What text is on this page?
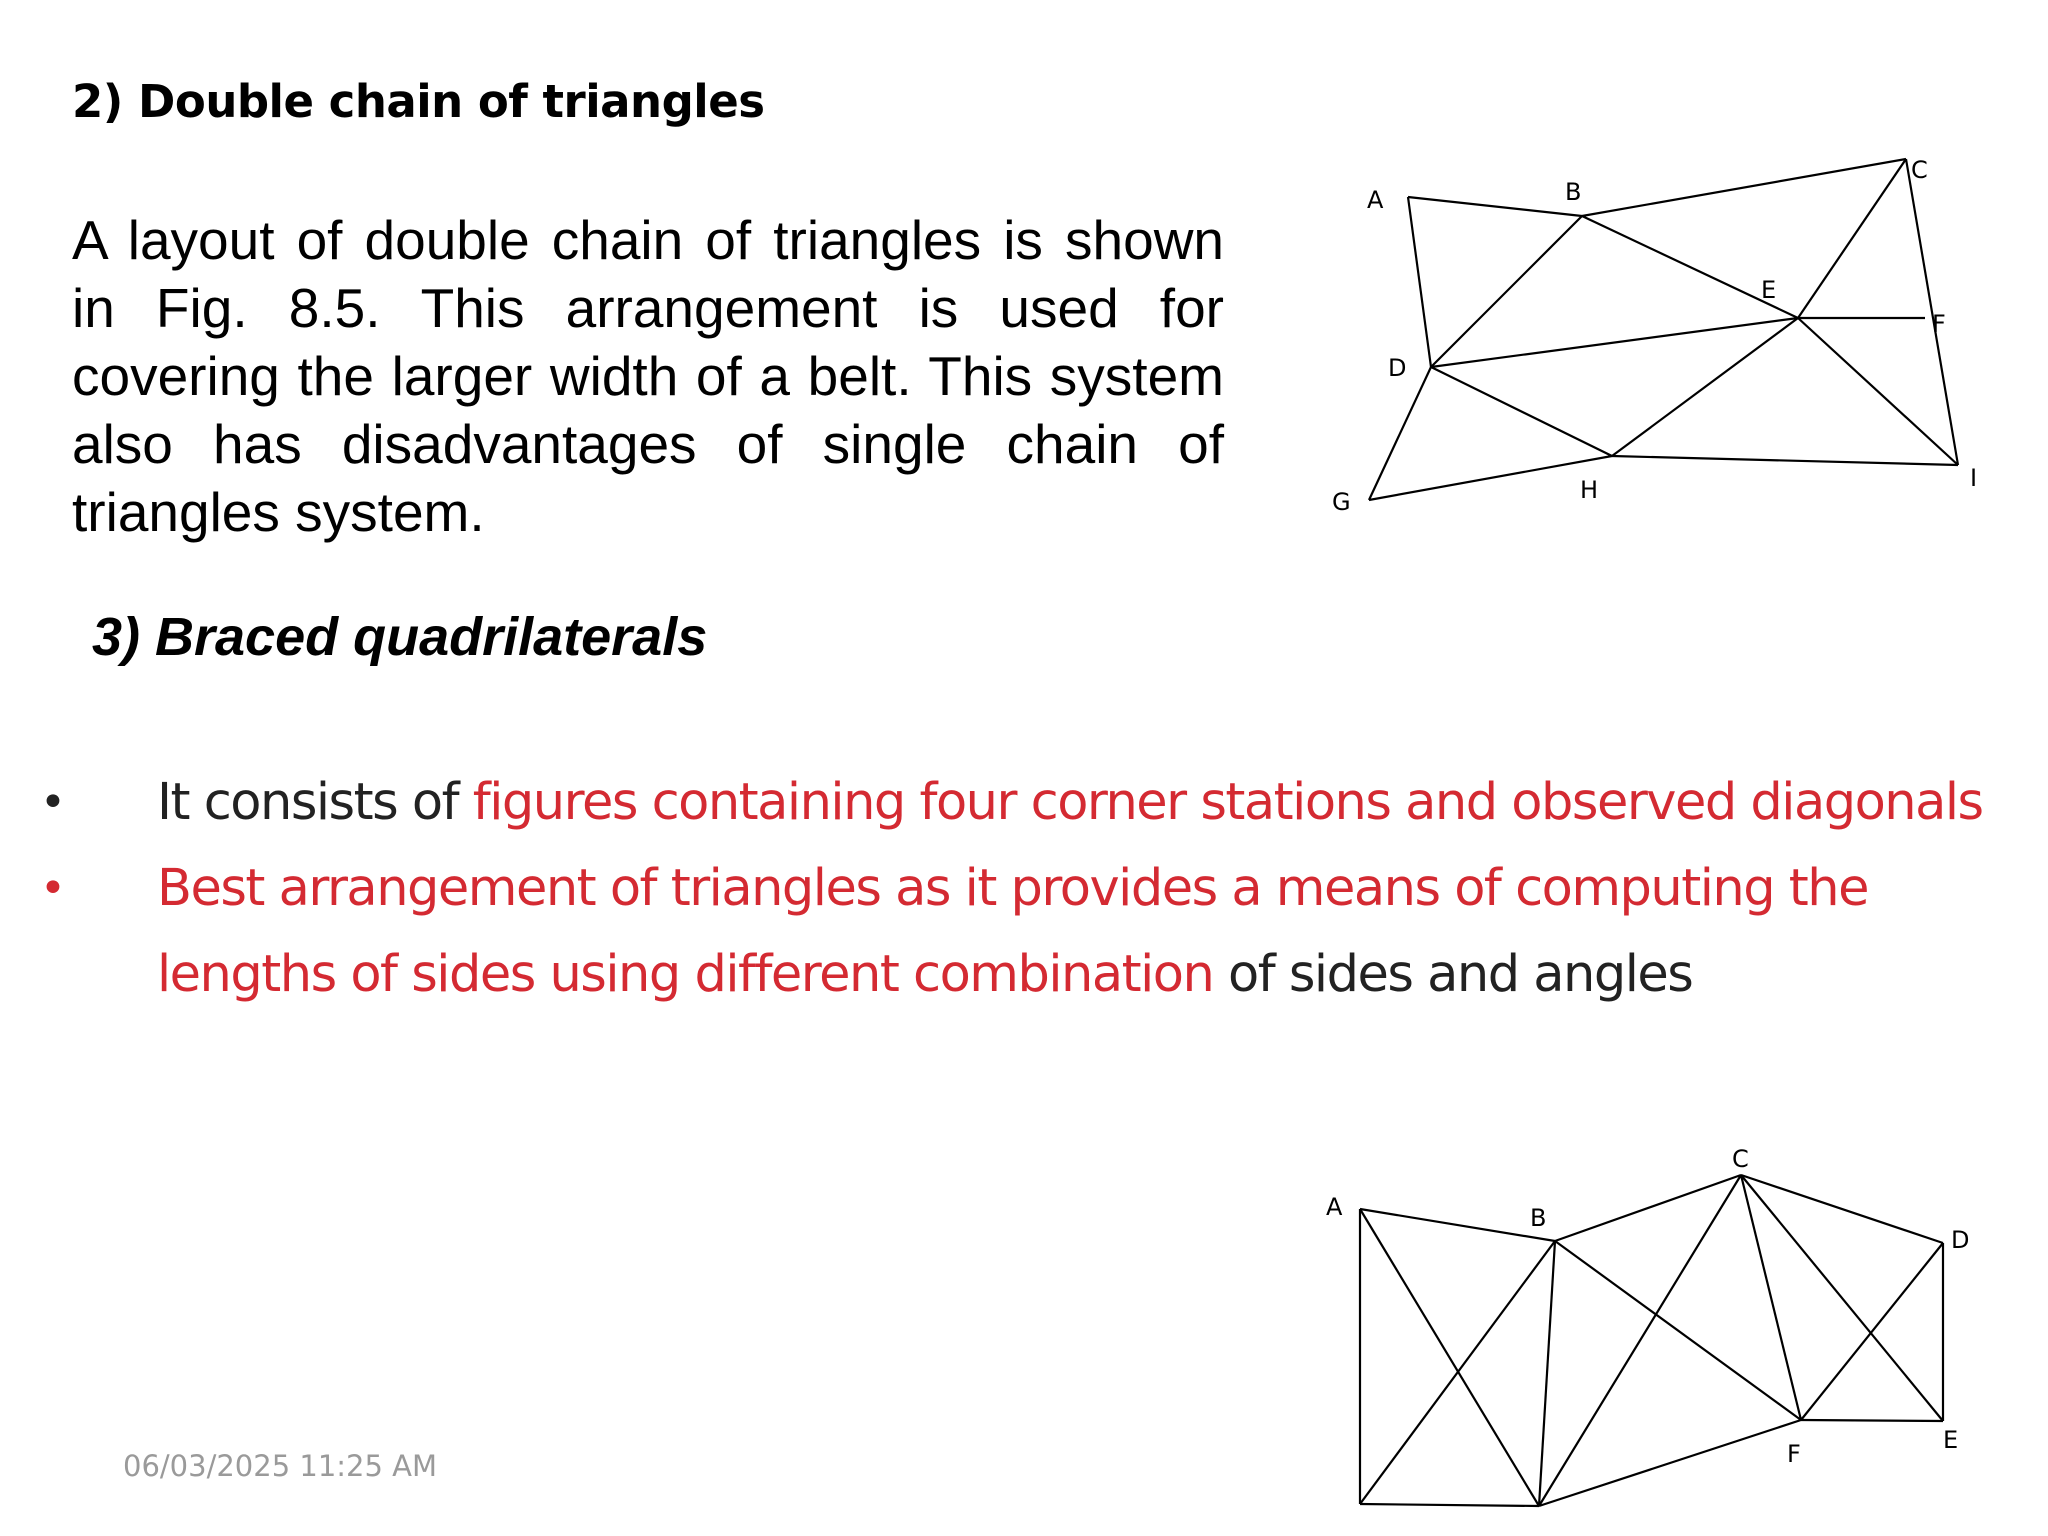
2) Double chain of triangles

A layout of double chain of triangles is shown in Fig. 8.5. This arrangement is used for covering the larger width of a belt. This system also has disadvantages of single chain of triangles system.

A	B
C
D
E
F
G	H	I
3) Braced quadrilaterals
• It consists of figures containing four corner stations and observed diagonals
• Best arrangement of triangles as it provides a means of computing the lengths of sides using different combination of sides and angles
A	B
C
D
E
F
06/03/2025 11:25 AM
